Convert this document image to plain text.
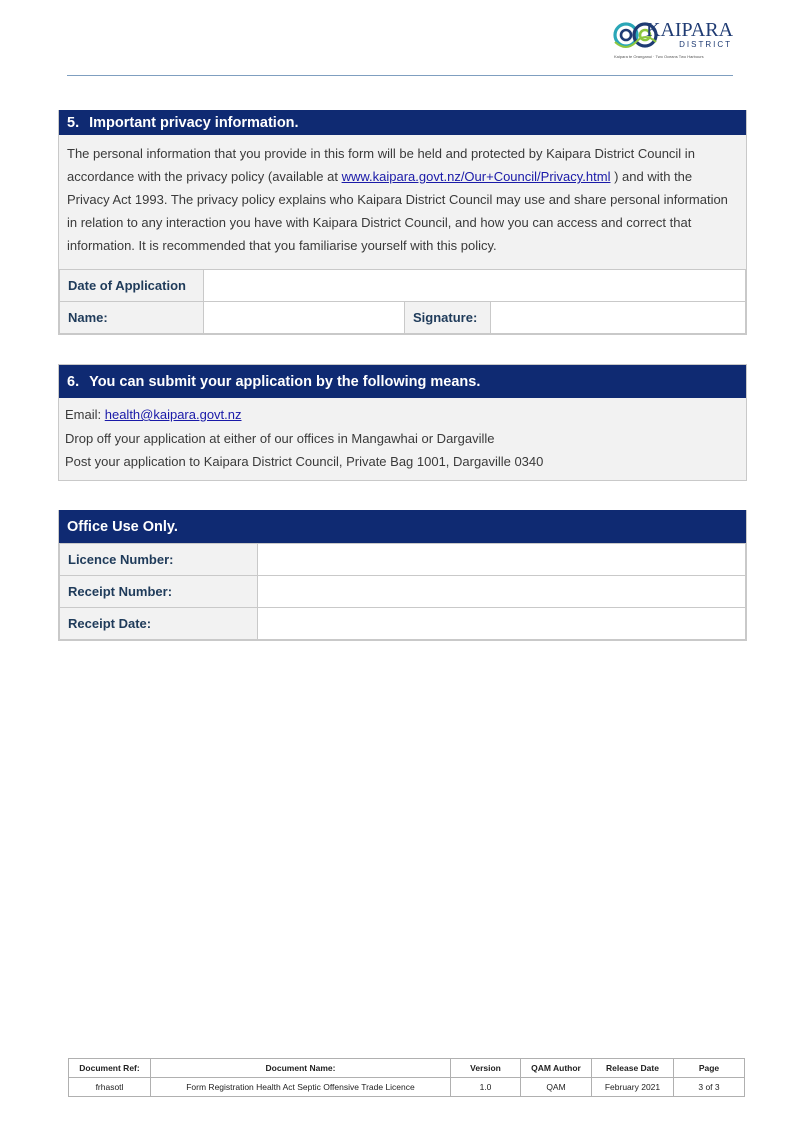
KAIPARA
DISTRICT
Kaipara te Oranganui · Two Oceans Two Harbours
5. Important privacy information.
The personal information that you provide in this form will be held and protected by Kaipara District Council in accordance with the privacy policy (available at www.kaipara.govt.nz/Our+Council/Privacy.html ) and with the Privacy Act 1993. The privacy policy explains who Kaipara District Council may use and share personal information in relation to any interaction you have with Kaipara District Council, and how you can access and correct that information. It is recommended that you familiarise yourself with this policy.
Date of Application			
Name:		Signature:	
6. You can submit your application by the following means.
Email: health@kaipara.govt.nz
Drop off your application at either of our offices in Mangawhai or Dargaville
Post your application to Kaipara District Council, Private Bag 1001, Dargaville 0340
Office Use Only.
Licence Number:	
Receipt Number:	
Receipt Date:	
Document Ref:	Document Name:	Version	QAM Author	Release Date	Page
frhasotl	Form Registration Health Act Septic Offensive Trade Licence	1.0	QAM	February 2021	3 of 3
